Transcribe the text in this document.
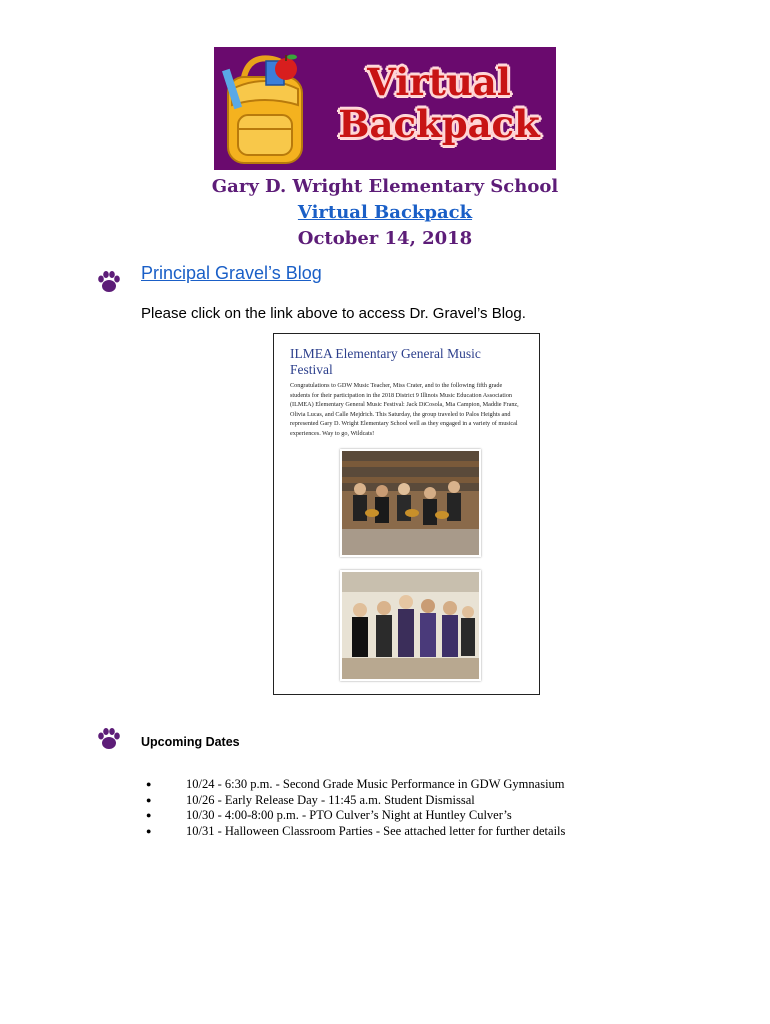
Virtual
Backpack
Gary D. Wright Elementary School
Virtual Backpack
October 14, 2018
Principal Gravel’s Blog
Please click on the link above to access Dr. Gravel’s Blog.
ILMEA Elementary General Music Festival
Congratulations to GDW Music Teacher, Miss Crater, and to the following fifth grade students for their participation in the 2018 District 9 Illinois Music Education Association (ILMEA) Elementary General Music Festival: Jack DiCosola, Mia Campion, Maddie Franz, Olivia Lucas, and Calle Mejdrich. This Saturday, the group traveled to Palos Heights and represented Gary D. Wright Elementary School well as they engaged in a variety of musical experiences. Way to go, Wildcats!
Upcoming Dates
● 10/24 - 6:30 p.m. - Second Grade Music Performance in GDW Gymnasium
● 10/26 - Early Release Day - 11:45 a.m. Student Dismissal
● 10/30 - 4:00-8:00 p.m. - PTO Culver’s Night at Huntley Culver’s
● 10/31 - Halloween Classroom Parties - See attached letter for further details
